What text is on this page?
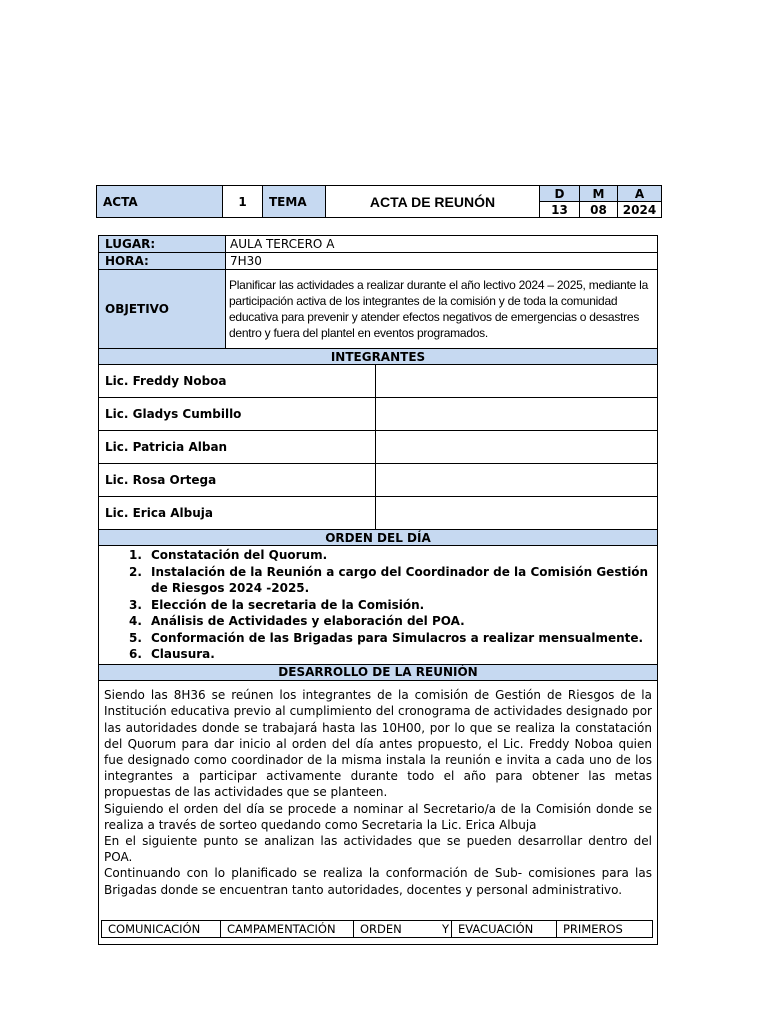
ACTA	1	TEMA	ACTA DE REUNÓN	D	M	A
				13	08	2024
LUGAR:	AULA TERCERO A
HORA:	7H30
OBJETIVO	Planificar las actividades a realizar durante el año lectivo 2024 – 2025, mediante la participación activa de los integrantes de la comisión y de toda la comunidad educativa para prevenir y atender efectos negativos de emergencias o desastres dentro y fuera del plantel en eventos programados.
INTEGRANTES
Lic. Freddy Noboa	
Lic. Gladys Cumbillo	
Lic. Patricia Alban	
Lic. Rosa Ortega	
Lic. Erica Albuja	
ORDEN DEL DÍA

1. Constatación del Quorum.
2. Instalación de la Reunión a cargo del Coordinador de la Comisión Gestión de Riesgos 2024 -2025.
3. Elección de la secretaria de la Comisión.
4. Análisis de Actividades y elaboración del POA.
5. Conformación de las Brigadas para Simulacros a realizar mensualmente.
6. Clausura.

DESARROLLO DE LA REUNIÓN

Siendo las 8H36 se reúnen los integrantes de la comisión de Gestión de Riesgos de la Institución educativa previo al cumplimiento del cronograma de actividades designado por las autoridades donde se trabajará hasta las 10H00, por lo que se realiza la constatación del Quorum para dar inicio al orden del día antes propuesto, el Lic. Freddy Noboa quien fue designado como coordinador de la misma instala la reunión e invita a cada uno de los integrantes a participar activamente durante todo el año para obtener las metas propuestas de las actividades que se planteen.

Siguiendo el orden del día se procede a nominar al Secretario/a de la Comisión donde se realiza a través de sorteo quedando como Secretaria la Lic. Erica Albuja

En el siguiente punto se analizan las actividades que se pueden desarrollar dentro del POA.

Continuando con lo planificado se realiza la conformación de Sub- comisiones para las Brigadas donde se encuentran tanto autoridades, docentes y personal administrativo.

COMUNICACIÓN	CAMPAMENTACIÓN	ORDEN           Y	EVACUACIÓN	PRIMEROS
